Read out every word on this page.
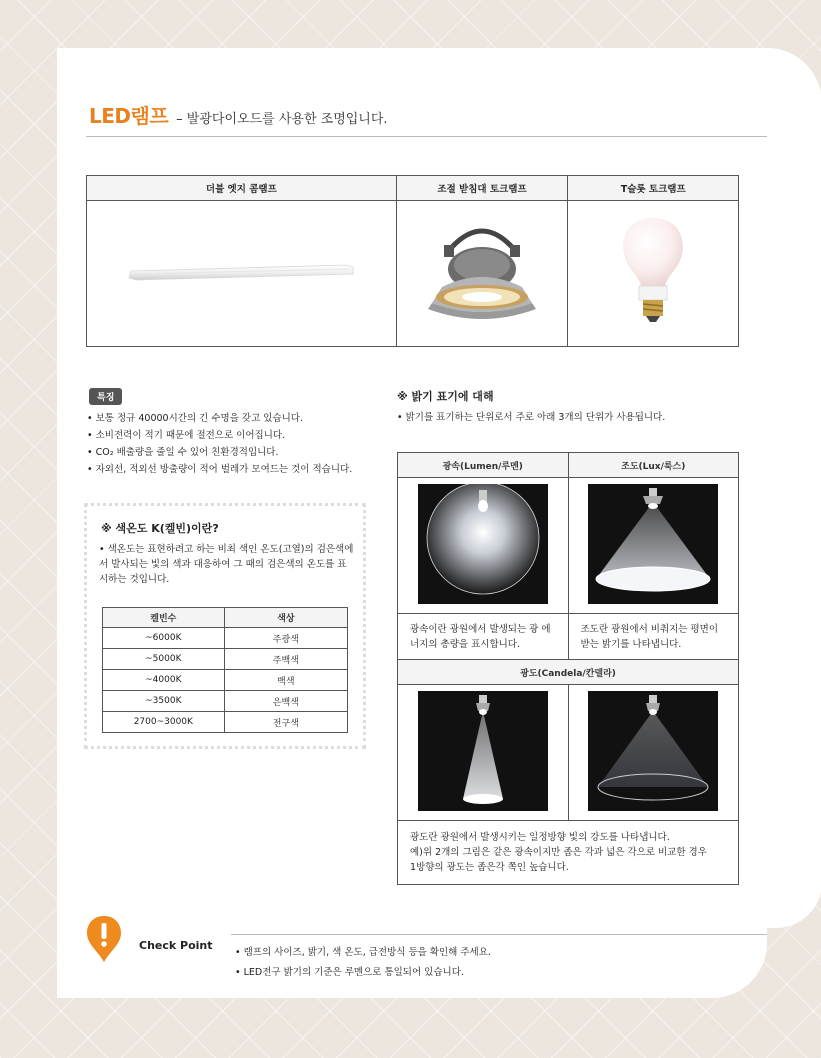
LED램프 – 발광다이오드를 사용한 조명입니다.
더블 엣지 콤램프	조절 받침대 토크램프	T슬롯 토크램프

특징
• 보통 정규 40000시간의 긴 수명을 갖고 있습니다.
• 소비전력이 적기 때문에 절전으로 이어집니다.
• CO₂ 배출량을 줄일 수 있어 친환경적입니다.
• 자외선, 적외선 방출량이 적어 벌레가 모여드는 것이 적습니다.
※ 색온도 K(켈빈)이란?
• 색온도는 표현하려고 하는 비최 색인 온도(고열)의 검은색에서 발사되는 빛의 색과 대응하여 그 때의 검은색의 온도를 표시하는 것입니다.
켈빈수	색상
~6000K	주광색
~5000K	주백색
~4000K	백색
~3500K	은백색
2700~3000K	전구색
※ 밝기 표기에 대해
• 밝기를 표기하는 단위로서 주로 아래 3개의 단위가 사용됩니다.
광속(Lumen/루멘)	조도(Lux/룩스)

광속이란 광원에서 발생되는 광 에너지의 총량을 표시합니다.	조도란 광원에서 비춰지는 평면이 받는 밝기를 나타냅니다.
광도(Candela/칸델라)	

광도란 광원에서 발생시키는 일정방향 빛의 강도를 나타냅니다.
예)위 2개의 그림은 같은 광속이지만 좁은 각과 넓은 각으로 비교한 경우
1방향의 광도는 좁은각 쪽인 높습니다.	
Check Point
• 램프의 사이즈, 밝기, 색 온도, 급전방식 등을 확인해 주세요.
• LED전구 밝기의 기준은 루멘으로 통일되어 있습니다.
